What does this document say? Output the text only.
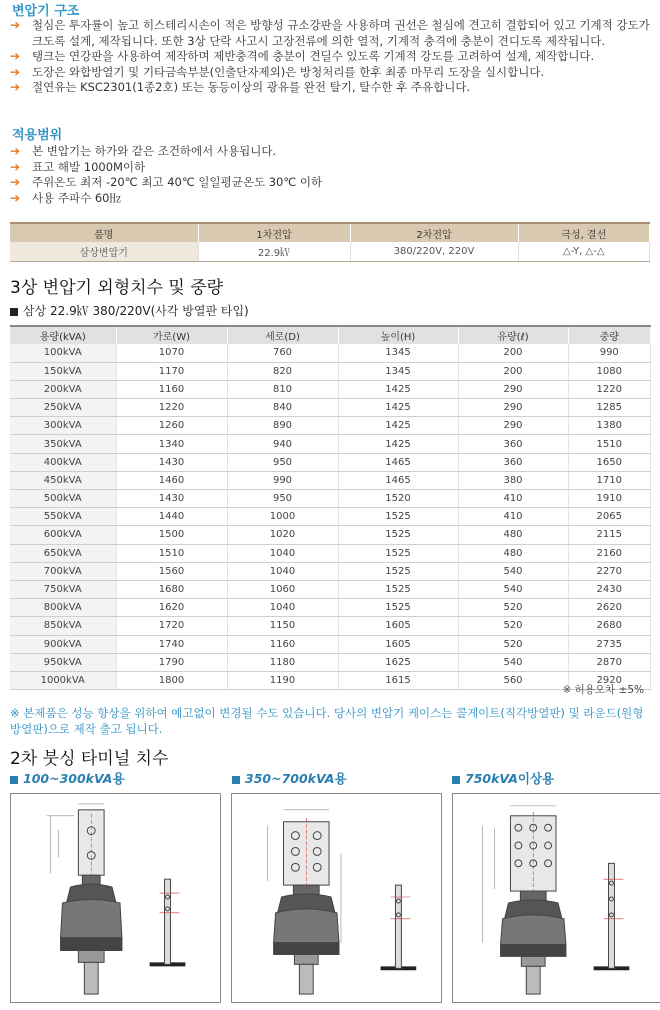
변압기 구조
➔	철심은 투자률이 높고 히스테리시손이 적은 방향성 규소강판을 사용하며 권선은 철심에 견고히 결합되어 있고 기계적 강도가 크도록 설계, 제작됩니다. 또한 3상 단락 사고시 고장전류에 의한 열적, 기계적 충격에 충분이 견디도록 제작됩니다.
➔	탱크는 연강판을 사용하여 제작하며 제반충격에 충분이 견딜수 있도록 기계적 강도를 고려하여 설계, 제작합니다.
➔	도장은 와합방열기 및 기타금속부분(인출단자제외)은 방청처리를 한후 최종 마무리 도장을 실시합니다.
➔	절연유는 KSC2301(1종2호) 또는 동등이상의 광유를 완전 탈기, 탈수한 후 주유합니다.
적용범위
➔	본 변압기는 하가와 같은 조건하에서 사용됩니다.
➔	표고 해발 1000M이하
➔	주위온도 최저 -20℃ 최고 40℃ 일일평균온도 30℃ 이하
➔	사용 주파수 60㎐
품명	1차전압	2차전압	극성, 결선
삼상변압기	22.9㎸	380/220V, 220V	△-Y, △-△
3상 변압기 외형치수 및 중량
삼상 22.9㎸ 380/220V(사각 방열판 타입)
용량(kVA)	가로(W)	세로(D)	높이(H)	유량(ℓ)	중량
100kVA	1070	760	1345	200	990
150kVA	1170	820	1345	200	1080
200kVA	1160	810	1425	290	1220
250kVA	1220	840	1425	290	1285
300kVA	1260	890	1425	290	1380
350kVA	1340	940	1425	360	1510
400kVA	1430	950	1465	360	1650
450kVA	1460	990	1465	380	1710
500kVA	1430	950	1520	410	1910
550kVA	1440	1000	1525	410	2065
600kVA	1500	1020	1525	480	2115
650kVA	1510	1040	1525	480	2160
700kVA	1560	1040	1525	540	2270
750kVA	1680	1060	1525	540	2430
800kVA	1620	1040	1525	520	2620
850kVA	1720	1150	1605	520	2680
900kVA	1740	1160	1605	520	2735
950kVA	1790	1180	1625	540	2870
1000kVA	1800	1190	1615	560	2920
※ 허용오차 ±5%
※ 본제품은 성능 향상을 위하여 예고없이 변경될 수도 있습니다. 당사의 변압기 케이스는 콜게이트(직각방열판) 및 라운드(원형방열판)으로 제작 출고 됩니다.
2차 붓싱 타미널 치수
100~300kVA용	350~700kVA용	750kVA이상용
